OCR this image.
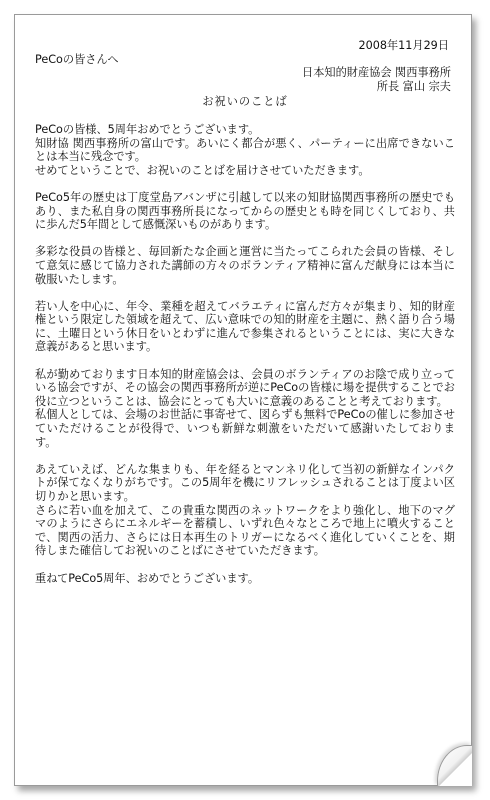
2008年11月29日
PeCoの皆さんへ
日本知的財産協会 関西事務所
所長 富山 宗夫
お祝いのことば

PeCoの皆様、5周年おめでとうございます。
知財協 関西事務所の富山です。あいにく都合が悪く、パーティーに出席できないことは本当に残念です。
せめてということで、お祝いのことばを届けさせていただきます。

PeCo5年の歴史は丁度堂島アバンザに引越して以来の知財協関西事務所の歴史でもあり、また私自身の関西事務所長になってからの歴史とも時を同じくしており、共に歩んだ5年間として感慨深いものがあります。

多彩な役員の皆様と、毎回新たな企画と運営に当たってこられた会員の皆様、そして意気に感じて協力された講師の方々のボランティア精神に富んだ献身には本当に敬服いたします。

若い人を中心に、年令、業種を超えてバラエティに富んだ方々が集まり、知的財産権という限定した領域を超えて、広い意味での知的財産を主題に、熱く語り合う場に、土曜日という休日をいとわずに進んで参集されるということには、実に大きな意義があると思います。

私が勤めております日本知的財産協会は、会員のボランティアのお陰で成り立っている協会ですが、その協会の関西事務所が逆にPeCoの皆様に場を提供することでお役に立つということは、協会にとっても大いに意義のあることと考えております。
私個人としては、会場のお世話に事寄せて、図らずも無料でPeCoの催しに参加させていただけることが役得で、いつも新鮮な刺激をいただいて感謝いたしております。

あえていえば、どんな集まりも、年を経るとマンネリ化して当初の新鮮なインパクトが保てなくなりがちです。この5周年を機にリフレッシュされることは丁度よい区切りかと思います。
さらに若い血を加えて、この貴重な関西のネットワークをより強化し、地下のマグマのようにさらにエネルギーを蓄積し、いずれ色々なところで地上に噴火することで、関西の活力、さらには日本再生のトリガーになるべく進化していくことを、期待しまた確信してお祝いのことばにさせていただきます。

重ねてPeCo5周年、おめでとうございます。
